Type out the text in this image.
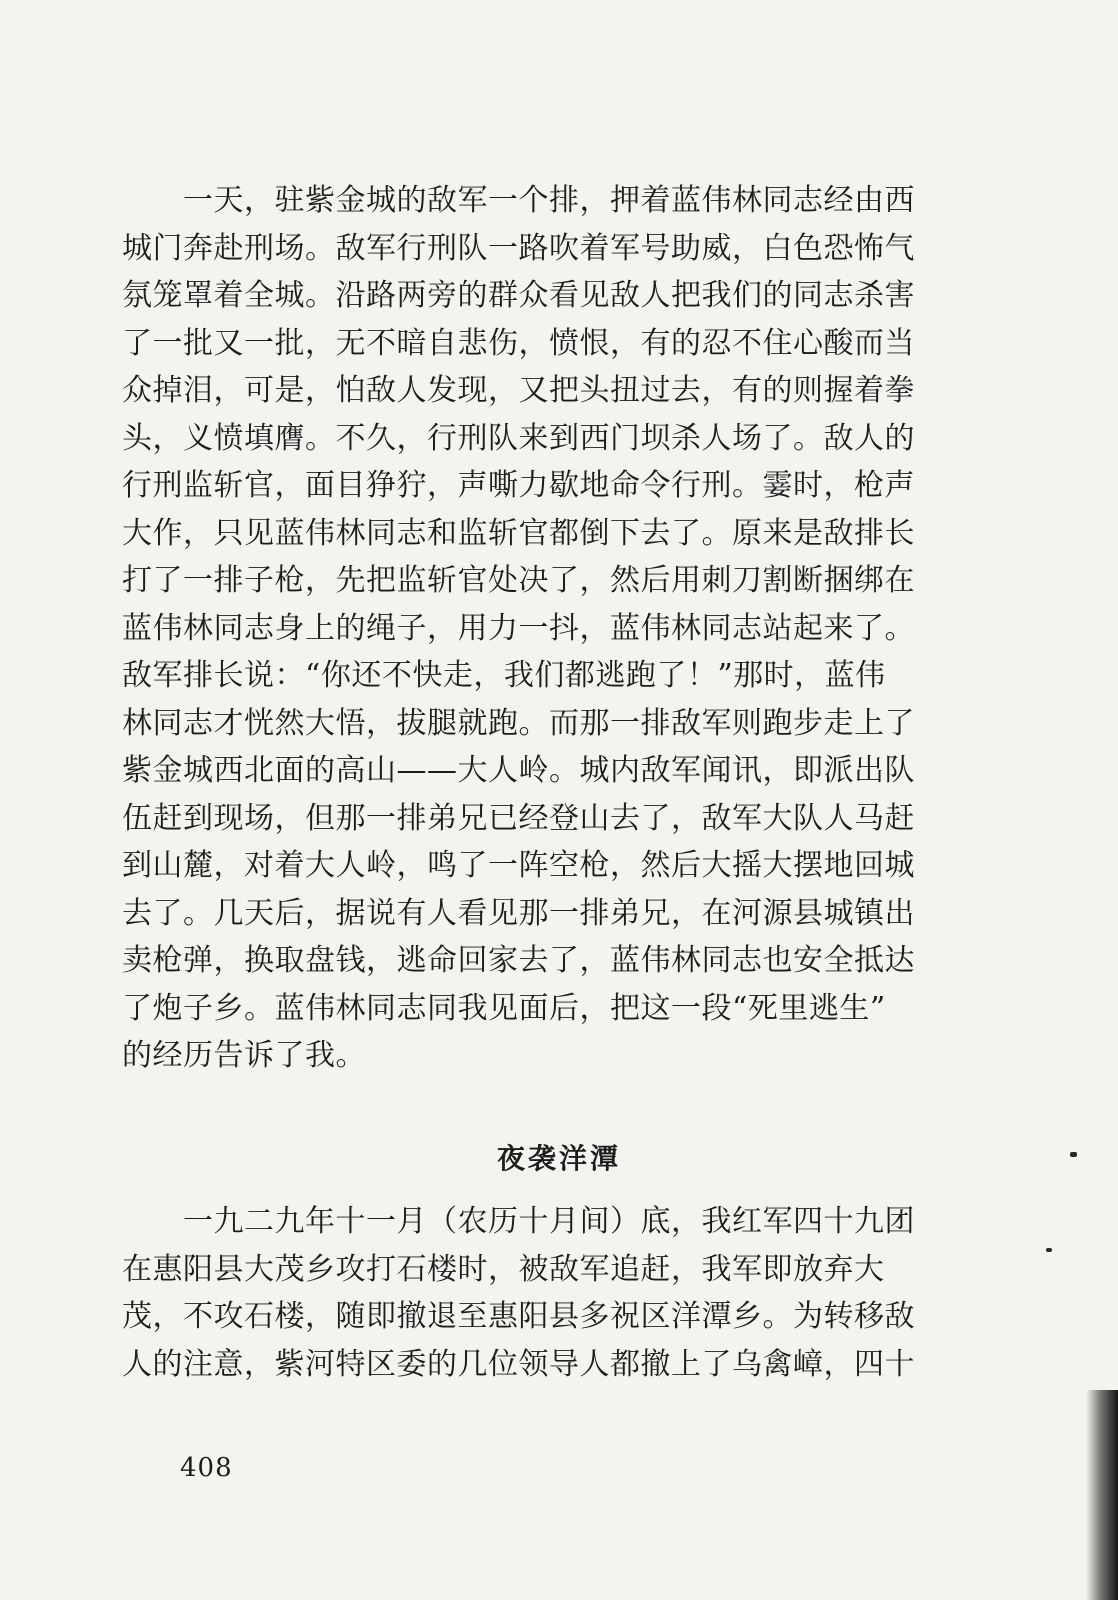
　　一天，驻紫金城的敌军一个排，押着蓝伟林同志经由西
城门奔赴刑场。敌军行刑队一路吹着军号助威，白色恐怖气
氛笼罩着全城。沿路两旁的群众看见敌人把我们的同志杀害
了一批又一批，无不暗自悲伤，愤恨，有的忍不住心酸而当
众掉泪，可是，怕敌人发现，又把头扭过去，有的则握着拳
头，义愤填膺。不久，行刑队来到西门坝杀人场了。敌人的
行刑监斩官，面目狰狞，声嘶力歇地命令行刑。霎时，枪声
大作，只见蓝伟林同志和监斩官都倒下去了。原来是敌排长
打了一排子枪，先把监斩官处决了，然后用刺刀割断捆绑在
蓝伟林同志身上的绳子，用力一抖，蓝伟林同志站起来了。
敌军排长说：“你还不快走，我们都逃跑了！”那时，蓝伟
林同志才恍然大悟，拔腿就跑。而那一排敌军则跑步走上了
紫金城西北面的高山——大人岭。城内敌军闻讯，即派出队
伍赶到现场，但那一排弟兄已经登山去了，敌军大队人马赶
到山麓，对着大人岭，鸣了一阵空枪，然后大摇大摆地回城
去了。几天后，据说有人看见那一排弟兄，在河源县城镇出
卖枪弹，换取盘钱，逃命回家去了，蓝伟林同志也安全抵达
了炮子乡。蓝伟林同志同我见面后，把这一段“死里逃生”
的经历告诉了我。
夜袭洋潭
　　一九二九年十一月（农历十月间）底，我红军四十九团
在惠阳县大茂乡攻打石楼时，被敌军追赶，我军即放弃大
茂，不攻石楼，随即撤退至惠阳县多祝区洋潭乡。为转移敌
人的注意，紫河特区委的几位领导人都撤上了乌禽嶂，四十
408
